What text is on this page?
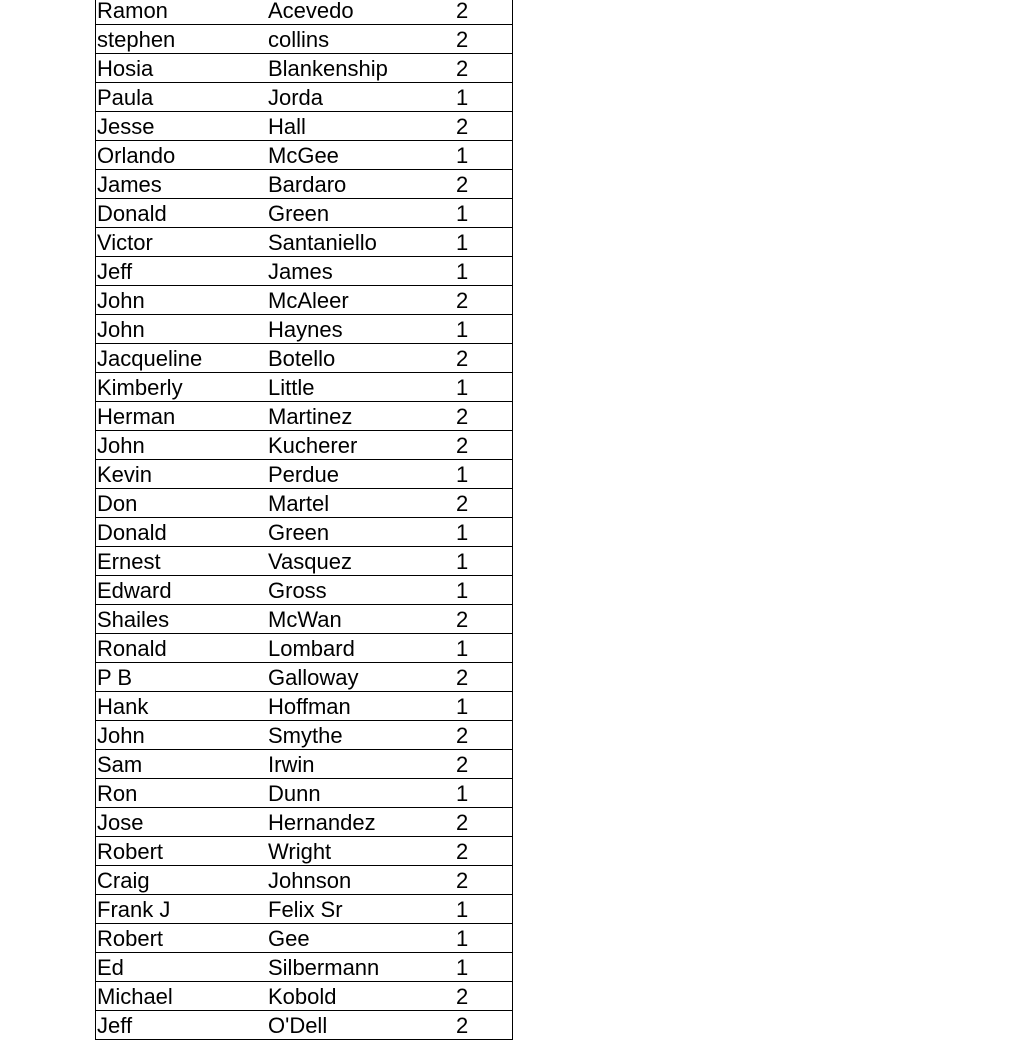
Ramon	Acevedo	2
stephen	collins	2
Hosia	Blankenship	2
Paula	Jorda	1
Jesse	Hall	2
Orlando	McGee	1
James	Bardaro	2
Donald	Green	1
Victor	Santaniello	1
Jeff	James	1
John	McAleer	2
John	Haynes	1
Jacqueline	Botello	2
Kimberly	Little	1
Herman	Martinez	2
John	Kucherer	2
Kevin	Perdue	1
Don	Martel	2
Donald	Green	1
Ernest	Vasquez	1
Edward	Gross	1
Shailes	McWan	2
Ronald	Lombard	1
P B	Galloway	2
Hank	Hoffman	1
John	Smythe	2
Sam	Irwin	2
Ron	Dunn	1
Jose	Hernandez	2
Robert	Wright	2
Craig	Johnson	2
Frank J	Felix Sr	1
Robert	Gee	1
Ed	Silbermann	1
Michael	Kobold	2
Jeff	O'Dell	2
